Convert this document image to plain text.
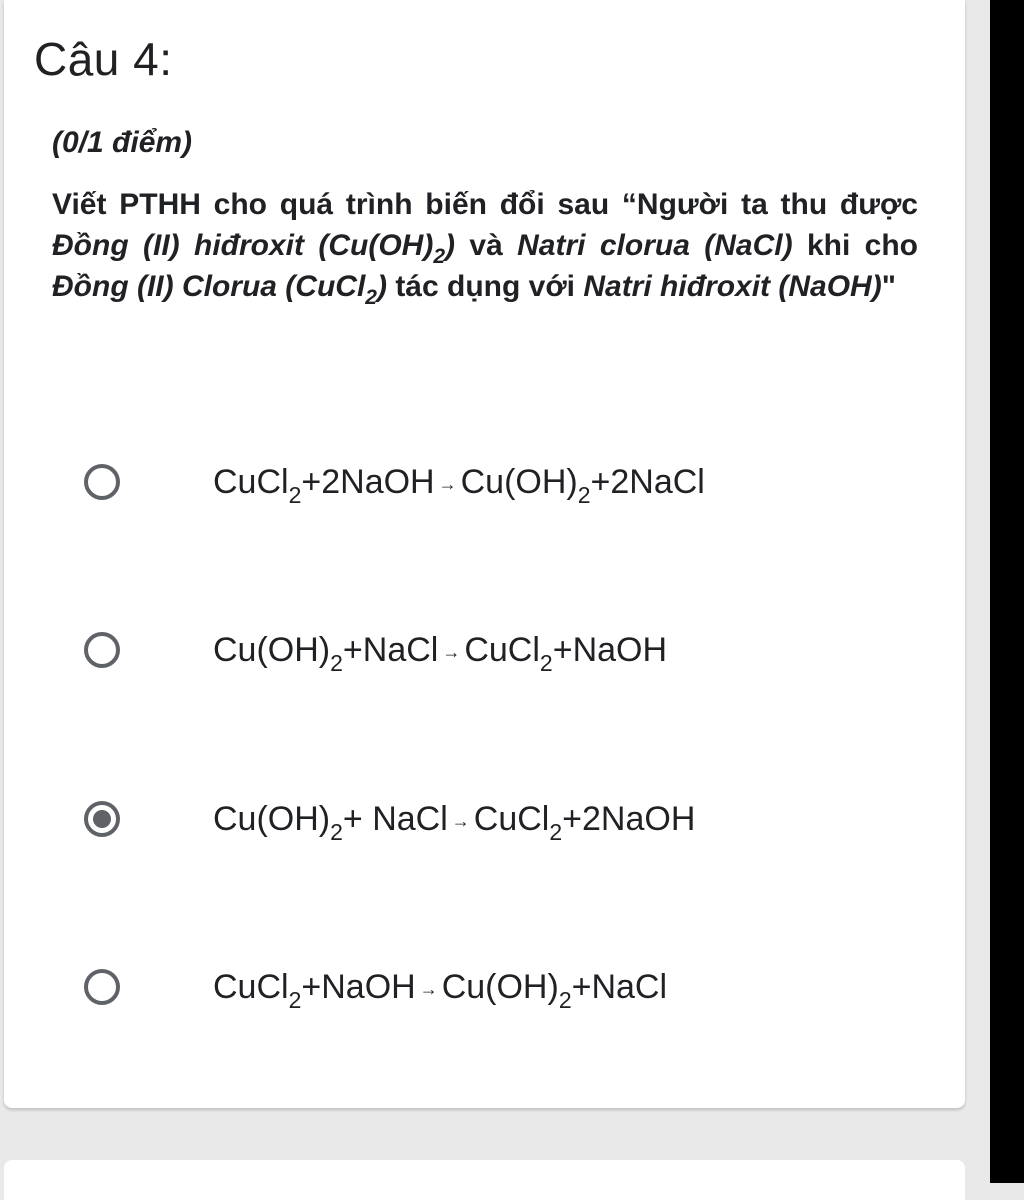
Câu 4:

(0/1 điểm)

Viết PTHH cho quá trình biến đổi sau “Người ta thu được Đồng (II) hiđroxit $(Cu(OH)_2)$ và Natri clorua (NaCl) khi cho Đồng (II) Clorua (CuCl$_2$) tác dụng với Natri hiđroxit (NaOH)"

CuCl$_2$+2NaOH → $Cu(OH)_2+2NaCl$
$Cu(OH)_2+NaCl$ → CuCl$_2$+NaOH
$Cu(OH)_2+$ NaCl → CuCl$_2$+2NaOH
CuCl$_2$+NaOH → $Cu(OH)_2+NaCl$
